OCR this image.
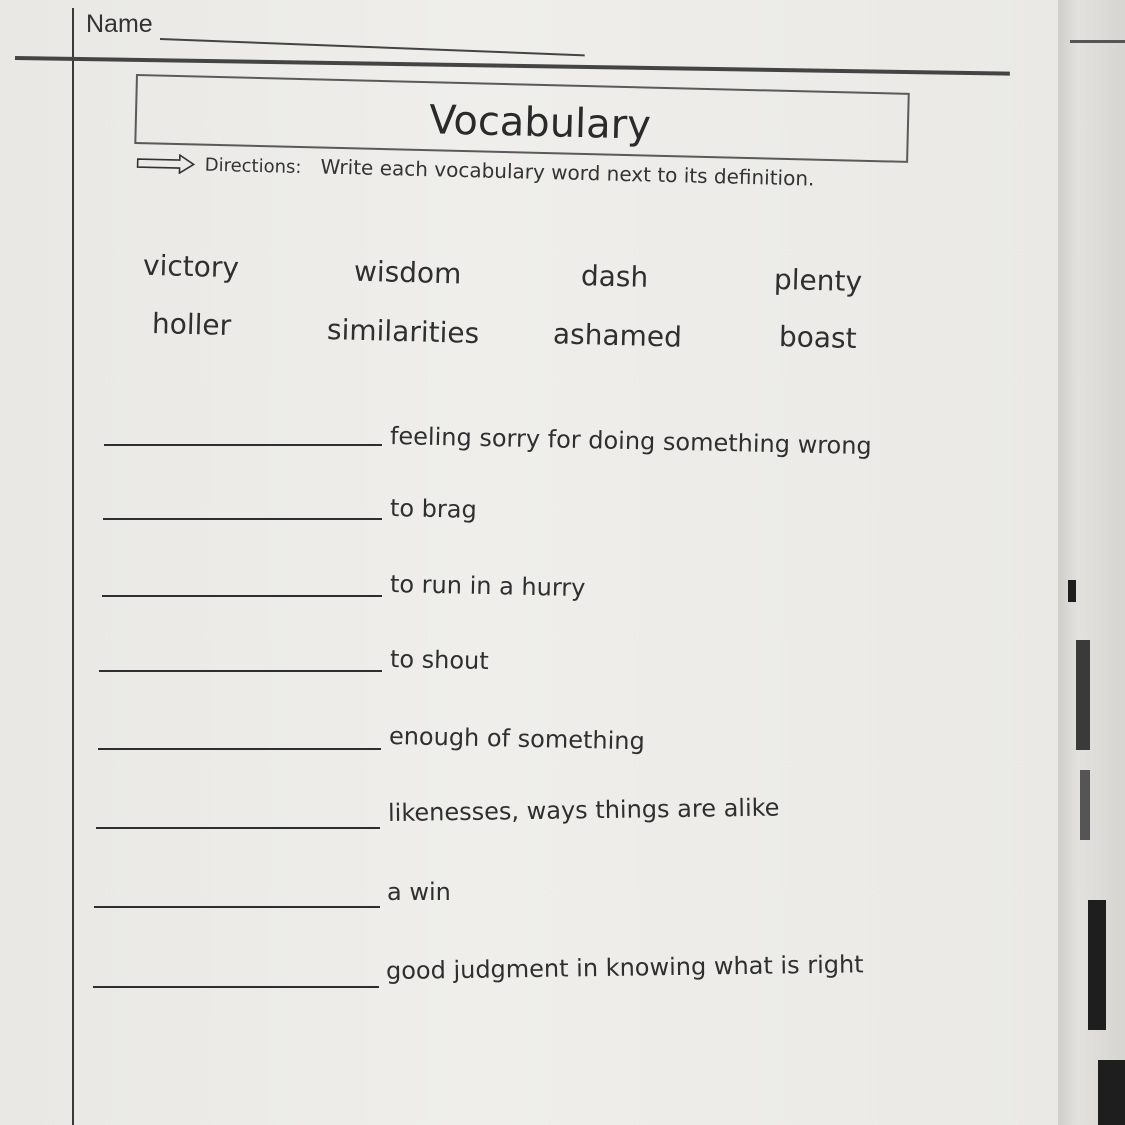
Name
Vocabulary
Directions: Write each vocabulary word next to its definition.
victory	wisdom	dash	plenty
holler	similarities	ashamed	boast
feeling sorry for doing something wrong
to brag
to run in a hurry
to shout
enough of something
likenesses, ways things are alike
a win
good judgment in knowing what is right
